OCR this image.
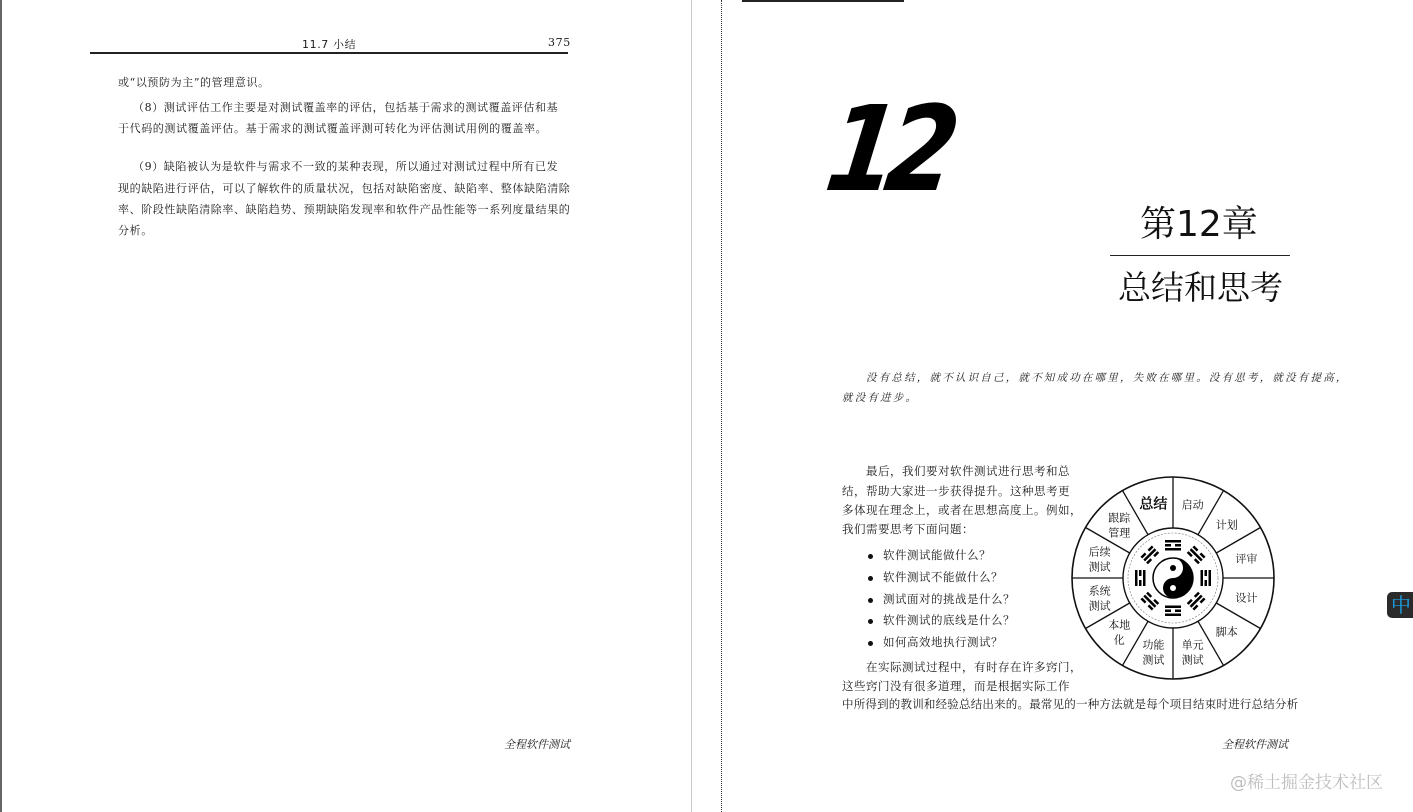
11.7 小结	375
或“以预防为主”的管理意识。
（8）测试评估工作主要是对测试覆盖率的评估，包括基于需求的测试覆盖评估和基
于代码的测试覆盖评估。基于需求的测试覆盖评测可转化为评估测试用例的覆盖率。
（9）缺陷被认为是软件与需求不一致的某种表现，所以通过对测试过程中所有已发
现的缺陷进行评估，可以了解软件的质量状况，包括对缺陷密度、缺陷率、整体缺陷清除
率、阶段性缺陷清除率、缺陷趋势、预期缺陷发现率和软件产品性能等一系列度量结果的
分析。
全程软件测试
12
第12章
总结和思考
没有总结，就不认识自己，就不知成功在哪里，失败在哪里。没有思考，就没有提高，
就没有进步。
最后，我们要对软件测试进行思考和总
结，帮助大家进一步获得提升。这种思考更
多体现在理念上，或者在思想高度上。例如，
我们需要思考下面问题：
软件测试能做什么？
软件测试不能做什么？
测试面对的挑战是什么？
软件测试的底线是什么？
如何高效地执行测试？
在实际测试过程中，有时存在许多窍门，
这些窍门没有很多道理，而是根据实际工作
中所得到的教训和经验总结出来的。最常见的一种方法就是每个项目结束时进行总结分析
启动
计划
评审
设计
脚本
单元测试
功能测试
本地化
系统测试
后续测试
跟踪管理
总结
全程软件测试
中
@稀土掘金技术社区
